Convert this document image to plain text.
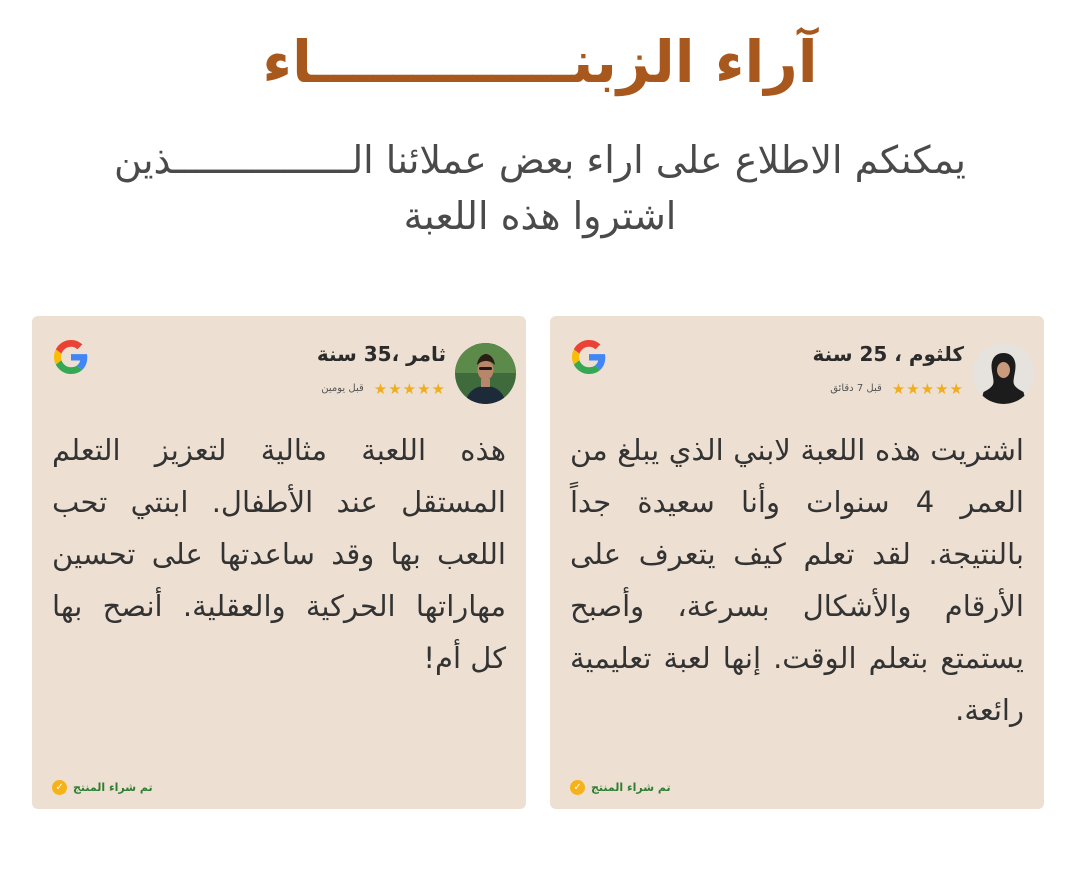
آراء الزبنـــــــــــــاء

يمكنكم الاطلاع على اراء بعض عملائنا الــــــــــــــــذين اشتروا هذه اللعبة

كلثوم ، 25 سنة
★★★★★
قبل 7 دقائق

اشتريت هذه اللعبة لابني الذي يبلغ من العمر 4 سنوات وأنا سعيدة جداً بالنتيجة. لقد تعلم كيف يتعرف على الأرقام والأشكال بسرعة، وأصبح يستمتع بتعلم الوقت. إنها لعبة تعليمية رائعة.

✓ تم شراء المنتج
ثامر ،35 سنة
★★★★★
قبل يومين

هذه اللعبة مثالية لتعزيز التعلم المستقل عند الأطفال. ابنتي تحب اللعب بها وقد ساعدتها على تحسين مهاراتها الحركية والعقلية. أنصح بها كل أم!

✓ تم شراء المنتج
